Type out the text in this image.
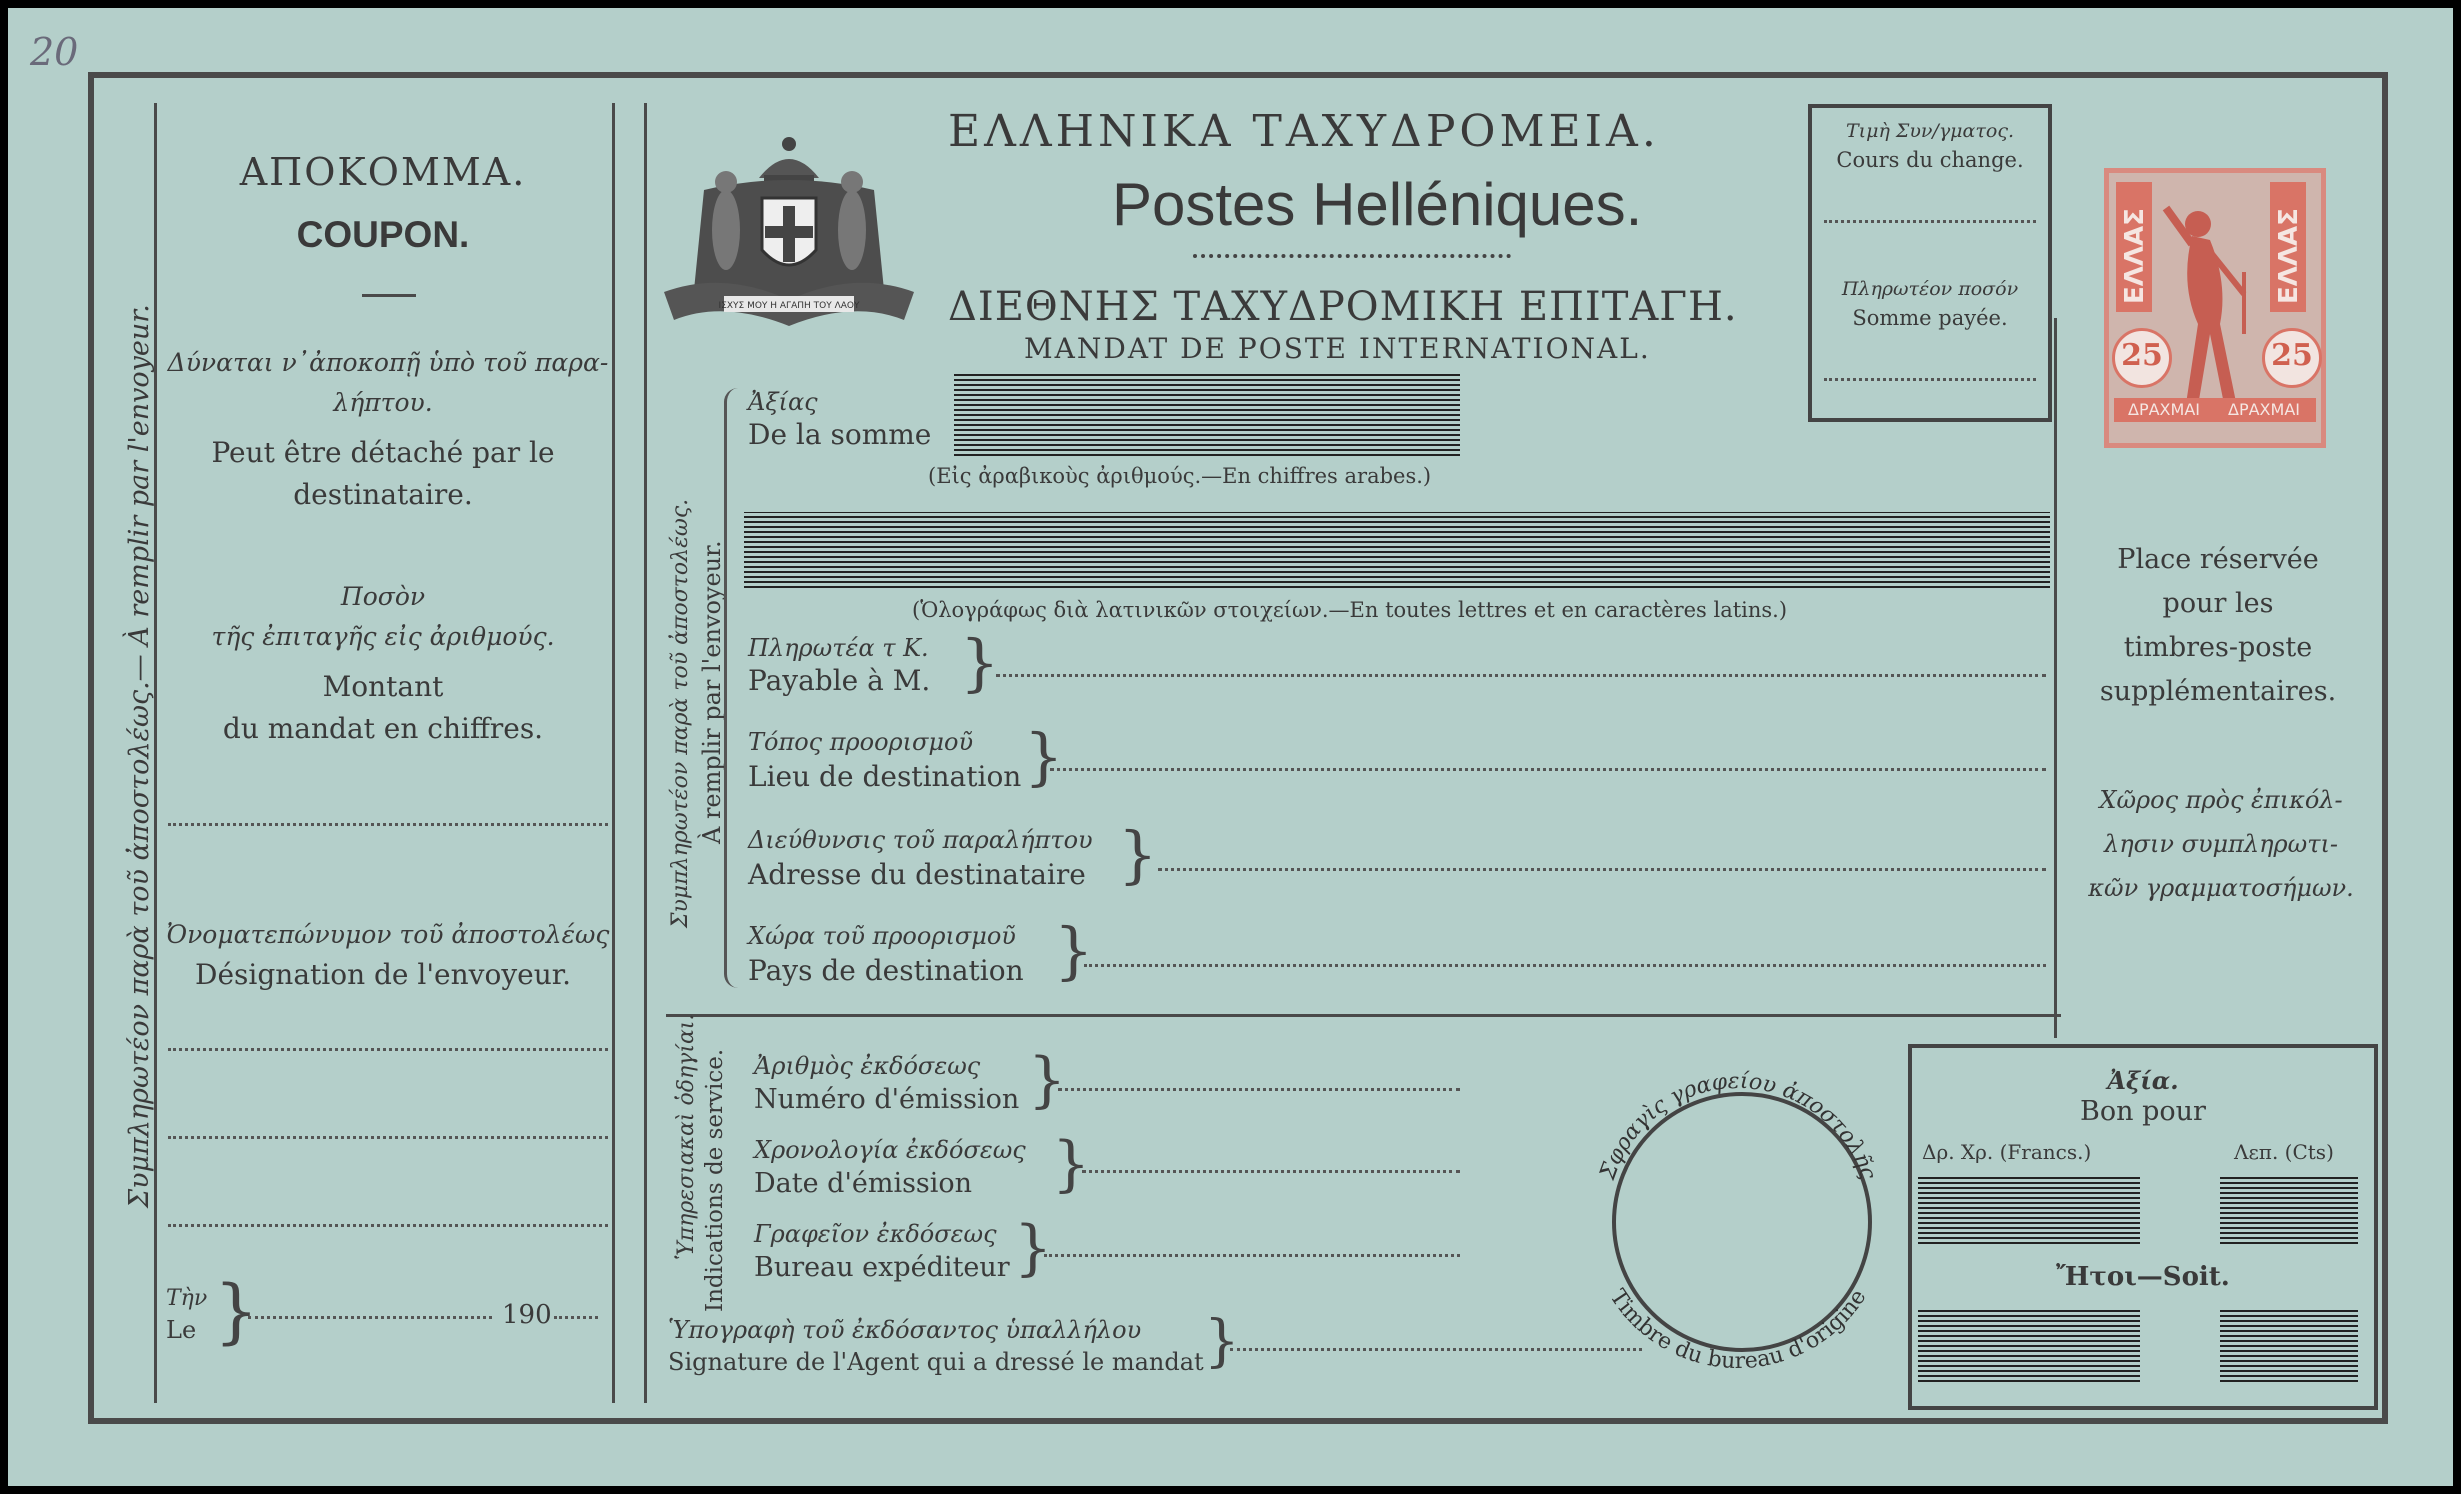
20
Συμπληρωτέον παρὰ τοῦ ἀποστολέως.— À remplir par l'envoyeur.
ΑΠΟΚΟΜΜΑ.
COUPON.
Δύναται ν᾽ἀποκοπῇ ὑπὸ τοῦ παρα-
λήπτου.
Peut être détaché par le
destinataire.
Ποσὸν
τῆς ἐπιταγῆς εἰς ἀριθμούς.
Montant
du mandat en chiffres.
Ὀνοματεπώνυμον τοῦ ἀποστολέως
Désignation de l'envoyeur.
Τὴν
Le }	190
ΙΣΧΥΣ ΜΟΥ Η ΑΓΑΠΗ ΤΟΥ ΛΑΟΥ
ΕΛΛΗΝΙΚΑ ΤΑΧΥΔΡΟΜΕΙΑ.
Postes Helléniques.
ΔΙΕΘΝΗΣ ΤΑΧΥΔΡΟΜΙΚΗ ΕΠΙΤΑΓΗ.
MANDAT DE POSTE INTERNATIONAL.
Τιμὴ Συν/γματος.
Cours du change.
Πληρωτέον ποσόν
Somme payée.
ΕΛΛΑΣ	ΕΛΛΑΣ
25	25
ΔΡΑΧΜΑΙ	ΔΡΑΧΜΑΙ
Place réservée
pour les
timbres-poste
supplémentaires.
Χῶρος πρὸς ἐπικόλ-
λησιν συμπληρωτι-
κῶν γραμματοσήμων.
Συμπληρωτέον παρὰ τοῦ ἀποστολέως. À remplir par l'envoyeur.
Ἀξίας
De la somme
(Εἰς ἀραβικοὺς ἀριθμούς.—En chiffres arabes.)
(Ὁλογράφως διὰ λατινικῶν στοιχείων.—En toutes lettres et en caractères latins.)
Πληρωτέα τ Κ.
Payable à M. }
Τόπος προορισμοῦ
Lieu de destination }
Διεύθυνσις τοῦ παραλήπτου
Adresse du destinataire }
Χώρα τοῦ προορισμοῦ
Pays de destination }
Ὑπηρεσιακαὶ ὁδηγίαι. Indications de service. Ἀριθμὸς ἐκδόσεως
Numéro d'émission }
Χρονολογία ἐκδόσεως
Date d'émission }
Γραφεῖον ἐκδόσεως
Bureau expéditeur }
Ὑπογραφὴ τοῦ ἐκδόσαντος ὑπαλλήλου
Signature de l'Agent qui a dressé le mandat }
Σφραγὶς γραφείου ἀποστολῆς
Timbre du bureau d'origine
Ἀξία.
Bon pour
Δρ. Χρ. (Francs.)	Λεπ. (Cts)
Ἤτοι—Soit.
